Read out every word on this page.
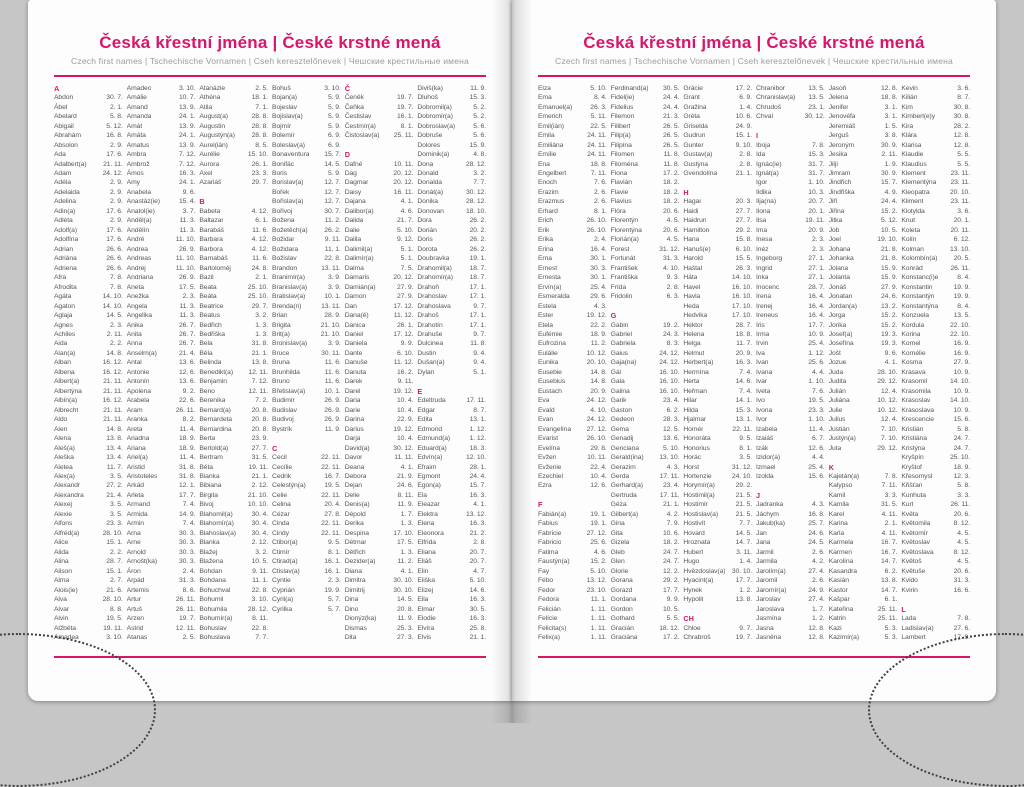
Česká křestní jména | České krstné mená
Czech first names | Tschechische Vornamen | Cseh keresztelőnevek | Чешские крестильные имена
A
Abdon	30. 7.
Ábel	2. 1.
Abelard	5. 8.
Abigail	5. 12.
Abrahám	16. 8.
Absolon	2. 9.
Ada	17. 6.
Adalbert(a) 21. 11.
Adam	24. 12.
Adéla	2. 9.
Adelaida	2. 9.
Adelina	2. 9.
Adin(a)	17. 6.
Adléta	2. 9.
Adolf(a)	17. 6.
Adolfína	17. 6.
Adrian	26. 6.
Adriána	26. 6.
Adriena	26. 6.
Afra	7. 8.
Afrodita	7. 8.
Agáta	14. 10.
Agaton	14. 10.
Aglaja	14. 5.
Agnes	2. 3.
Achiles	2. 11.
Aida	2. 2.
Alan(a)	14. 8.
Alban	16. 12.
Albena	16. 12.
Albert(a)	21. 11.
Albertýna	21. 11.
Albín(a)	16. 12.
Albrecht	21. 11.
Aldo	21. 11.
Alen	14. 8.
Alena	13. 8.
Aleš(a)	13. 4.
Aleška	13. 4.
Aletea	11. 7.
Alex(a)	3. 5.
Alexandr	27. 2.
Alexandra	21. 4.
Alexej	3. 5.
Alexie	3. 5.
Alfons	23. 3.
Alfréd(a)	28. 10.
Alice	15. 1.
Alida	2. 2.
Alina	28. 7.
Alison	15. 1.
Alma	2. 7.
Alois(ie)	21. 6.
Alva	28. 10.
Alvar	8. 8.
Alvin	19. 5.
Alžběta	19. 11.
Amadea	3. 10.
Amadeo	3. 10.
Amálie	10. 7.
Amand	13. 9.
Amanda	24. 1.
Amát	13. 9.
Amáta	24. 1.
Amatus	13. 9.
Ambra	7. 12.
Ambrož	7. 12.
Ámos	16. 3.
Amy	24. 1.
Anabela	9. 6.
Anastáz(ie)	15. 4.
Anatol(ie)	3. 7.
Anděl(a)	11. 3.
Andělín	11. 3.
André	11. 10.
Andrea	26. 9.
Andreas	11. 10.
Andrej	11. 10.
Andriana	26. 9.
Aneta	17. 5.
Anežka	2. 3.
Angela	11. 3.
Angelika	11. 3.
Anika	26. 7.
Anita	26. 7.
Anna	26. 7.
Anselm(a)	21. 4.
Antal	13. 6.
Antonie	12. 6.
Antonín	13. 6.
Apolena	9. 2.
Arabela	22. 6.
Aram	26. 11.
Aranka	8. 2.
Areta	11. 4.
Ariadna	18. 9.
Ariana	18. 9.
Ariel(a)	11. 4.
Aristid	31. 8.
Aristoteles	31. 8.
Arkád	12. 1.
Arleta	17. 7.
Armand	7. 4.
Armida	14. 9.
Armin	7. 4.
Arna	30. 3.
Arne	30. 3.
Arnold	30. 3.
Arnošt(ka)	30. 3.
Áron	2. 4.
Arpád	31. 3.
Artemis	8. 6.
Artur	26. 11.
Artuš	26. 11.
Arzen	19. 7.
Astrid	12. 11.
Atanas	2. 5.
Atanázie	2. 5.
Athéna	18. 1.
Atila	7. 1.
August(a)	28. 8.
Augustin	28. 8.
Augustýn(a) 28. 8.
Aurel(ián)	8. 5.
Aurélie	15. 10.
Aurora	26. 1.
Axel	23. 3.
Azariáš	29. 7.
B
Babeta	4. 12.
Baltazar	6. 1.
Barabáš	11. 6.
Barbara	4. 12.
Barbora	4. 12.
Barnabáš	11. 6.
Bartoloměj	24. 8.
Bazil	2. 1.
Beata	25. 10.
Beáta	25. 10.
Beatrice	29. 7.
Beatus	3. 2.
Bedřich	1. 3.
Bedřiška	1. 3.
Bela	31. 8.
Běla	21. 1.
Belinda	13. 8.
Benedikt(a) 12. 11.
Benjamin	7. 12.
Beno	12. 11.
Berenika	7. 2.
Bernard(a)	20. 8.
Bernardeta	20. 8.
Bernardina	20. 8.
Berta	23. 9.
Bertold(a)	27. 7.
Bertram	31. 5.
Běta	19. 11.
Bianka	21. 1.
Bibiana	2. 12.
Birgita	21. 10.
Bivoj	10. 10.
Blahomil(a)	30. 4.
Blahomír(a)	30. 4.
Blahoslav(a) 30. 4.
Blanka	2. 12.
Blažej	3. 2.
Blažena	10. 5.
Bohdan	9. 11.
Bohdana	11. 1.
Bohuchval	22. 8.
Bohumil	3. 10.
Bohumila	28. 12.
Bohumír(a)	8. 11.
Bohuslav	22. 8.
Bohuslava	7. 7.
Bohuš	3. 10.
Bojan(a)	5. 9.
Bojeslav	5. 9.
Bojislav(a)	5. 9.
Bojmír	5. 9.
Bolemír	6. 9.
Boleslav(a)	6. 9.
Bonaventura 15. 7.
Bonifác	14. 5.
Boris	5. 9.
Borislav(a)	12. 7.
Bořek	12. 7.
Bořislav(a)	12. 7.
Bořivoj	30. 7.
Božena	11. 2.
Božetěch(a) 26. 2.
Božidar	9. 11.
Božidara	11. 1.
Božislav	22. 8.
Brandon	13. 11.
Branimír(a)	3. 9.
Branislav(a)	3. 9.
Bratislav(a)	10. 1.
Brenda(n)	13. 11.
Brian	28. 9.
Brigita	21. 10.
Brit(a)	21. 10.
Bronislav(a)	3. 9.
Bruce	30. 11.
Bruna	11. 6.
Brunhilda	11. 6.
Bruno	11. 6.
Břetislav(a)	10. 1.
Budimír	26. 9.
Budislav	26. 9.
Budivoj	26. 9.
Bystrík	11. 9.
C
Cecil	22. 11.
Cecílie	22. 11.
Cedrik	16. 7.
Celestýn(a)	19. 5.
Celie	22. 11.
Celina	20. 4.
Cézar	27. 8.
Cinda	22. 11.
Cindy	22. 11.
Ctibor(a)	9. 5.
Ctimír	8. 1.
Ctirad(a)	16. 1.
Ctislav(a)	16. 1.
Cyntie	2. 3.
Cyprián	19. 9.
Cyril(a)	5. 7.
Cyrilka	5. 7.
Č
Čeněk	19. 7.
Čeňka	19. 7.
Čestislav	16. 1.
Čestmír(a)	8. 1.
Čistoslav(a) 25. 11.
D
Dafné	10. 11.
Dag	20. 12.
Dagmar	20. 12.
Daisy	16. 11.
Dajana	4. 1.
Dalibor(a)	4. 6.
Dalida	21. 7.
Dalie	5. 10.
Dalila	9. 12.
Dalimil(a)	5. 1.
Dalimír(a)	5. 1.
Dalma	7. 5.
Damaris	20. 12.
Damián(a)	27. 9.
Damon	27. 9.
Dan	17. 12.
Dana(ě)	11. 12.
Danica	26. 1.
Daniel	17. 12.
Daniela	9. 9.
Dante	6. 10.
Danuše	11. 12.
Danuta	16. 2.
Darek	9. 11.
Darel	19. 12.
Daria	10. 4.
Darie	10. 4.
Darina	22. 9.
Darius	19. 12.
Darja	10. 4.
David(a)	30. 12.
Davor	11. 11.
Deana	4. 1.
Debora	21. 9.
Dejan	24. 6.
Delie	8. 11.
Denis(a)	11. 9.
Dépold	1. 7.
Derika	1. 3.
Despina	17. 10.
Détmar	17. 5.
Dětřich	1. 3.
Dezider(a)	11. 2.
Diana	4. 1.
Dimitra	30. 10.
Dimitrij	30. 10.
Dina	14. 5.
Dino	20. 8.
Dionýz(ka)	11. 9.
Dismas	25. 3.
Dita	27. 3.
Diviš(ka)	11. 9.
Dluhoš	15. 3.
Dobromil(a)	5. 2.
Dobromír(a)	5. 2.
Dobroslav(a)	5. 6.
Dobruše	5. 6.
Dolores	15. 9.
Dominik(a)	4. 8.
Dona	28. 12.
Donald	3. 2.
Donalda	7. 7.
Donát(a)	30. 12.
Donika	28. 12.
Donovan	18. 10.
Dora	26. 2.
Dorián	20. 2.
Doris	26. 2.
Dorota	26. 2.
Doubravka	19. 1.
Drahomil(a)	18. 7.
Drahomír(a) 18. 7.
Drahoň	17. 1.
Drahoslav	17. 1.
Drahoslava	9. 7.
Drahoš	17. 1.
Drahotín	17. 1.
Drahuše	9. 7.
Dulcinea	11. 8.
Dustin	9. 4.
Dušan(a)	9. 4.
Dylan	5. 1.
E
Edeltruda	17. 11.
Edgar	8. 7.
Edita	13. 1.
Edmond	1. 12.
Edmund(a)	1. 12.
Eduard(a)	18. 3.
Edvín(a)	12. 10.
Efraim	28. 1.
Egmont	24. 4.
Egon(a)	15. 7.
Ela	16. 3.
Eleazar	4. 1.
Elektra	13. 12.
Elena	16. 3.
Eleonora	21. 2.
Elfrida	2. 8.
Eliana	20. 7.
Eliáš	20. 7.
Elin	4. 7.
Eliška	5. 10.
Elizej	14. 6.
Ella	16. 3.
Elmar	30. 5.
Elodie	16. 3.
Elvíra	25. 8.
Elvis	21. 1.
Česká křestní jména | České krstné mená
Czech first names | Tschechische Vornamen | Cseh keresztelőnevek | Чешские крестильные имена
Elza	5. 10.
Ema	8. 4.
Emanuel(a)	26. 3.
Emerich	5. 11.
Emil(ián)	22. 5.
Emila	24. 11.
Emiliána	24. 11.
Emílie	24. 11.
Ena	18. 8.
Engelbert	7. 11.
Enoch	7. 6.
Erazim	2. 6.
Erazmus	2. 6.
Erhard	8. 1.
Erich	26. 10.
Erik	26. 10.
Erika	2. 4.
Erina	16. 4.
Erna	30. 1.
Ernest	30. 3.
Ernesta	30. 1.
Ervín(a)	25. 4.
Esmeralda	29. 6.
Estela	4. 3.
Ester	19. 12.
Etela	22. 2.
Eufémie	18. 9.
Eufrozina	11. 2.
Eulálie	10. 12.
Eunika	20. 10.
Eusebie	14. 8.
Eusebius	14. 8.
Eustach	20. 9.
Eva	24. 12.
Evald	4. 10.
Evan	24. 12.
Evangelína 27. 12.
Evarist	26. 10.
Evelína	29. 8.
Evžen	10. 11.
Evženie	22. 4.
Ezechiel	10. 4.
Ezra	12. 6.
F
Fabián(a)	19. 1.
Fabius	19. 1.
Fabricie	27. 12.
Fabricio	25. 6.
Fatima	4. 6.
Faustýn(a)	15. 2.
Fay	5. 10.
Fébo	13. 12.
Fedor	23. 10.
Fedora	11. 1.
Felicián	1. 11.
Felície	1. 11.
Felicita(s)	1. 11.
Felix(a)	1. 11.
Ferdinand(a) 30. 5.
Fidel(ie)	24. 4.
Fidelius	24. 4.
Filemon	21. 3.
Filibert	26. 5.
Filip(a)	26. 5.
Filipína	26. 5.
Filomen	11. 8.
Filoména	11. 8.
Fiona	17. 2.
Flavián	18. 2.
Flavie	18. 2.
Flavius	18. 2.
Flóra	20. 6.
Florentýn	4. 5.
Florentýna	20. 6.
Florián(a)	4. 5.
Forest	31. 12.
Fortunát	31. 3.
František	4. 10.
Františka	9. 3.
Frída	2. 8.
Fridolin	6. 3.
G
Gabin	19. 2.
Gabriel	24. 3.
Gabriela	8. 3.
Gaius	24. 12.
Gaja(na)	24. 12.
Gál	16. 10.
Gala	16. 10.
Galina	16. 10.
Garik	23. 4.
Gaston	6. 2.
Gedeon	28. 3.
Gema	12. 5.
Genadij	13. 6.
Genciana	5. 10.
Gerald(ina) 13. 10.
Gerazim	4. 3.
Gerda	17. 11.
Gerhard(a)	23. 4.
Gertruda	17. 11.
Géza	21. 1.
Gilbert(a)	4. 2.
Gina	7. 9.
Gita	10. 6.
Gizela	18. 2.
Gleb	24. 7.
Glen	24. 7.
Glorie	12. 2.
Gorana	29. 2.
Gorazd	17. 7.
Gordana	9. 9.
Gordon	10. 5.
Gothard	5. 5.
Gracián	18. 12.
Graciána	17. 2.
Grácie	17. 2.
Grant	6. 9.
Gražina	1. 4.
Gréta	10. 6.
Griselda	24. 9.
Gudrun	15. 1.
Gunter	9. 10.
Gustav(a)	2. 8.
Gustýna	2. 8.
Gvendolína	21. 1.
H
Hagar	20. 3.
Haidi	27. 7.
Haidrun	27. 7.
Hamilton	29. 2.
Hana	15. 8.
Hanuš(e)	6. 10.
Harold	15. 5.
Haštal	26. 3.
Háta	14. 10.
Havel	16. 10.
Havla	16. 10.
Heda	17. 10.
Hedvika	17. 10.
Hektor	28. 7.
Helena	18. 8.
Helga	11. 7.
Helmut	20. 9.
Herbert(a)	16. 3.
Hermína	7. 4.
Herta	14. 6.
Heřman	7. 4.
Hilar	14. 1.
Hilda	15. 3.
Hjalmar	13. 1.
Homér	22. 11.
Honoráta	9. 5.
Honorius	8. 1.
Horác	3. 5.
Horst	31. 12.
Hortenzie	24. 10.
Horymír(a)	29. 2.
Hostimil(a)	21. 5.
Hostimír	21. 5.
Hostislav(a)	21. 5.
Hostivít	7. 7.
Hovard	14. 5.
Hroznata	14. 7.
Hubert	3. 11.
Hugo	1. 4.
Hvězdoslav(a) 30. 10.
Hyacint(a)	17. 7.
Hynek	1. 2.
Hypolit	13. 8.
CH
Chloe	9. 7.
Chrabroš	19. 7.
Chranibor	13. 5.
Chranislav(a) 13. 5.
Chrudoš	23. 1.
Chval	30. 12.
I
Iboja	7. 8.
Ida	15. 3.
Ignác(ie)	31. 7.
Ignát(a)	31. 7.
Igor	1. 10.
Ildika	10. 3.
Ilja(na)	20. 7.
Ilona	20. 1.
Ilsa	19. 11.
Ima	20. 9.
Inesa	2. 3.
Inéz	2. 3.
Ingeborg	27. 1.
Ingrid	27. 1.
Inka	27. 1.
Inocenc	28. 7.
Irena	16. 4.
Irenej	16. 4.
Ireneus	16. 4.
Iris	17. 7.
Irma	10. 9.
Irvin	25. 4.
Iva	1. 12.
Ivan	25. 6.
Ivana	4. 4.
Ivar	1. 10.
Iveta	7. 6.
Ivo	19. 5.
Ivona	23. 3.
Ivor	1. 10.
Izabela	11. 4.
Izaiáš	6. 7.
Izák	12. 6.
Izidor(a)	4. 4.
Izmael	25. 4.
Izolda	15. 6.
J
Jadranka	4. 3.
Jáchym	16. 8.
Jakub(ka)	25. 7.
Jan	24. 6.
Jana	24. 5.
Jarmil	2. 6.
Jarmila	4. 2.
Jarolím(a)	27. 4.
Jaromil	2. 6.
Jaromír(a)	24. 9.
Jaroslav	27. 4.
Jaroslava	1. 7.
Jasmína	1. 2.
Jasna	12. 8.
Jasněna	12. 8.
Jasoň	12. 8.
Jelena	18. 8.
Jenifer	3. 1.
Jenovéfa	3. 1.
Jeremiáš	1. 5.
Jerguš	3. 8.
Jeroným	30. 9.
Jesika	2. 11.
Jiljí	1. 9.
Jimram	30. 9.
Jindřich	15. 7.
Jindřiška	4. 9.
Jiří	24. 4.
Jiřina	15. 2.
Jitka	5. 12.
Job	10. 5.
Joel	19. 10.
Johana	21. 8.
Johanka	21. 8.
Jolana	15. 9.
Jolanta	15. 9.
Jonáš	27. 9.
Jonatan	24. 6.
Jordan(a)	13. 2.
Jorga	15. 2.
Jorika	15. 2.
Josef(a)	19. 3.
Josefína	19. 3.
Jošt	9. 6.
Jozue	4. 1.
Juda	28. 10.
Judita	29. 12.
Julián	12. 4.
Juliána	10. 12.
Julie	10. 12.
Julius	12. 4.
Justián	7. 10.
Justýn(a)	7. 10.
Juta	29. 12.
K
Kajetán(a)	7. 8.
Kalypso	7. 11.
Kamil	3. 3.
Kamila	31. 5.
Karel	4. 11.
Karina	2. 1.
Karla	4. 11.
Karmela	16. 7.
Karmen	16. 7.
Karolína	14. 7.
Kasandra	6. 2.
Kasián	13. 8.
Kastor	14. 7.
Kašpar	6. 1.
Kateřina	25. 11.
Katrin	25. 11.
Kazi	5. 3.
Kazimír(a)	5. 3.
Kevin	3. 6.
Kilián	8. 7.
Kim	30. 8.
Kimberl(e)y	30. 8.
Kira	28. 2.
Klára	12. 8.
Klarisa	12. 8.
Klaudie	5. 5.
Klaudius	5. 5.
Klement	23. 11.
Klementýna 23. 11.
Kleopatra	20. 10.
Kliment	23. 11.
Klotylda	3. 6.
Knut	20. 1.
Koleta	20. 11.
Kolín	6. 12.
Kolman	13. 10.
Kolombín(a) 20. 5.
Konrád	26. 11.
Konstanc(i)e	8. 4.
Konstantin	19. 9.
Konstantýn	19. 9.
Konstantýna	8. 4.
Konzuela	13. 5.
Kordula	22. 10.
Korina	22. 10.
Kornel	16. 9.
Kornélie	16. 9.
Kosma	27. 9.
Krasava	10. 9.
Krasomil	14. 10.
Krasomila	10. 9.
Krasoslav	14. 10.
Krasoslava	10. 9.
Krescencie	15. 6.
Kristián	5. 8.
Kristiána	24. 7.
Kristýna	24. 7.
Kryšpín	25. 10.
Kryštof	18. 9.
Křesomysl	12. 3.
Křišťan	5. 8.
Kunhuta	3. 3.
Kurt	26. 11.
Květa	20. 6.
Květomila	8. 12.
Květomír	4. 5.
Květoslav	4. 5.
Květoslava	8. 12.
Květoš	4. 5.
Květuše	20. 6.
Kvido	31. 3.
Kvirin	16. 6.
L
Lada	7. 8.
Ladislav(a)	27. 6.
Lambert	17. 9.
